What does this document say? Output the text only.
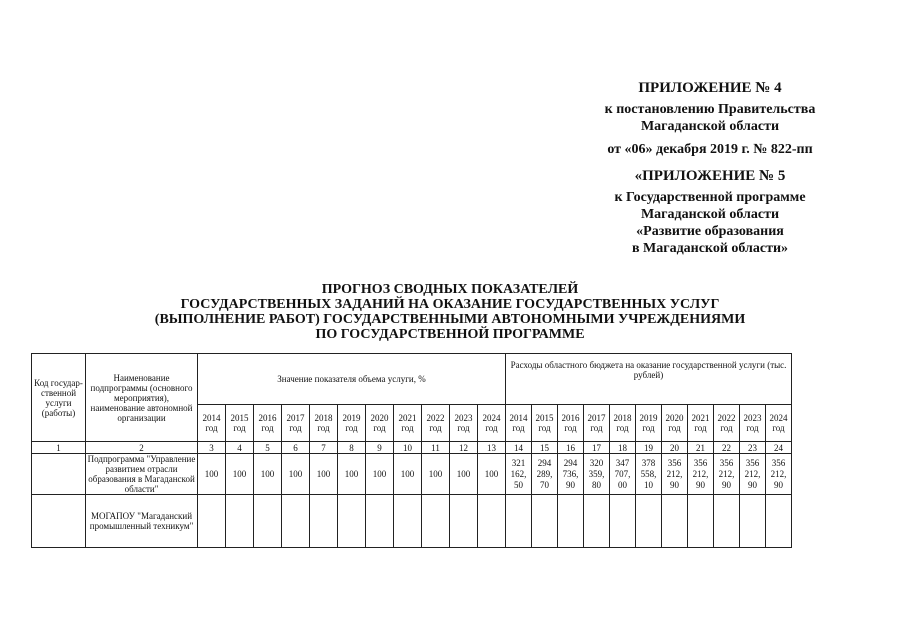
ПРИЛОЖЕНИЕ № 4
к постановлению Правительства
Магаданской области
от «06» декабря 2019 г. № 822-пп
«ПРИЛОЖЕНИЕ № 5
к Государственной программе
Магаданской области
«Развитие образования
в Магаданской области»
ПРОГНОЗ СВОДНЫХ ПОКАЗАТЕЛЕЙ
ГОСУДАРСТВЕННЫХ ЗАДАНИЙ НА ОКАЗАНИЕ ГОСУДАРСТВЕННЫХ УСЛУГ
(ВЫПОЛНЕНИЕ РАБОТ) ГОСУДАРСТВЕННЫМИ АВТОНОМНЫМИ УЧРЕЖДЕНИЯМИ
ПО ГОСУДАРСТВЕННОЙ ПРОГРАММЕ
Код государ-ственной услуги (работы)	Наименование подпрограммы (основного мероприятия), наименование автономной организации	Значение показателя объема услуги, %											Расходы областного бюджета на оказание государственной услуги (тыс. рублей)										
		2014 год	2015 год	2016 год	2017 год	2018 год	2019 год	2020 год	2021 год	2022 год	2023 год	2024 год	2014 год	2015 год	2016 год	2017 год	2018 год	2019 год	2020 год	2021 год	2022 год	2023 год	2024 год
1	2	3	4	5	6	7	8	9	10	11	12	13	14	15	16	17	18	19	20	21	22	23	24
	Подпрограмма "Управление развитием отрасли образования в Магаданской области"	100	100	100	100	100	100	100	100	100	100	100	321 162, 50	294 289, 70	294 736, 90	320 359, 80	347 707, 00	378 558, 10	356 212, 90	356 212, 90	356 212, 90	356 212, 90	356 212, 90
	МОГАПОУ "Магаданский промышленный техникум"																						
